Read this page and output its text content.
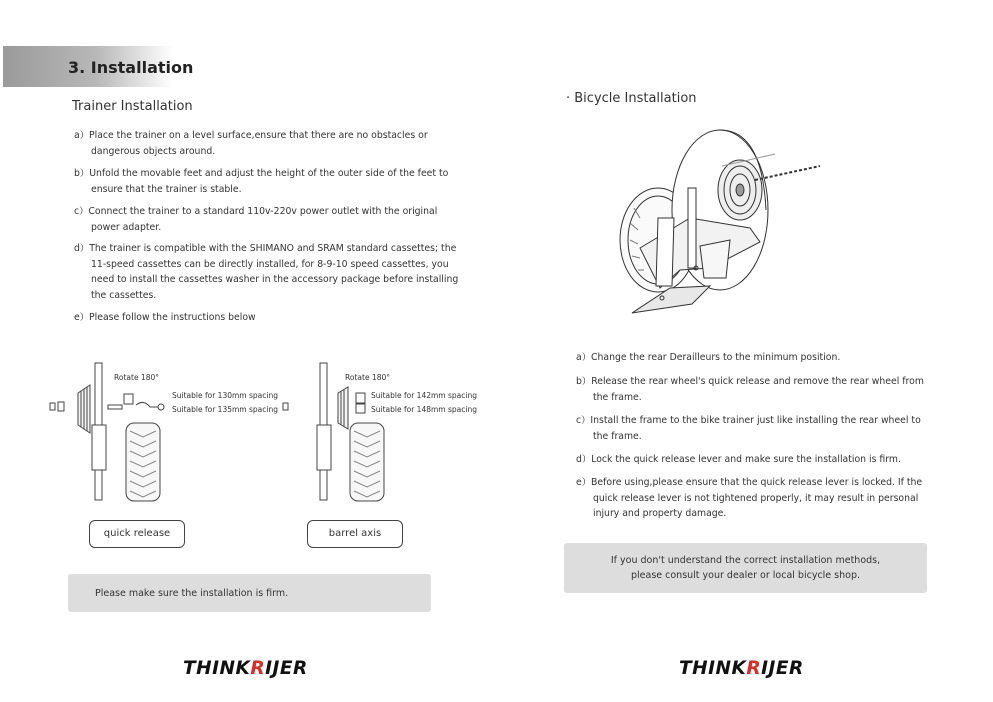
3. Installation
Trainer Installation
a）Place the trainer on a level surface,ensure that there are no obstacles or dangerous objects around.
b）Unfold the movable feet and adjust the height of the outer side of the feet to ensure that the trainer is stable.
c）Connect the trainer to a standard 110v-220v power outlet with the original power adapter.
d）The trainer is compatible with the SHIMANO and SRAM standard cassettes; the 11-speed cassettes can be directly installed, for 8-9-10 speed cassettes, you need to install the cassettes washer in the accessory package before installing the cassettes.
e）Please follow the instructions below
Rotate 180°
Suitable for 130mm spacing
Suitable for 135mm spacing
quick release
Rotate 180°
Suitable for 142mm spacing
Suitable for 148mm spacing
barrel axis
Please make sure the installation is firm.
THINKRIJER
· Bicycle Installation
a）Change the rear Derailleurs to the minimum position.
b）Release the rear wheel's quick release and remove the rear wheel from the frame.
c）Install the frame to the bike trainer just like installing the rear wheel to the frame.
d）Lock the quick release lever and make sure the installation is firm.
e）Before using,please ensure that the quick release lever is locked. If the quick release lever is not tightened properly, it may result in personal injury and property damage.
If you don't understand the correct installation methods,
please consult your dealer or local bicycle shop.
THINKRIJER
